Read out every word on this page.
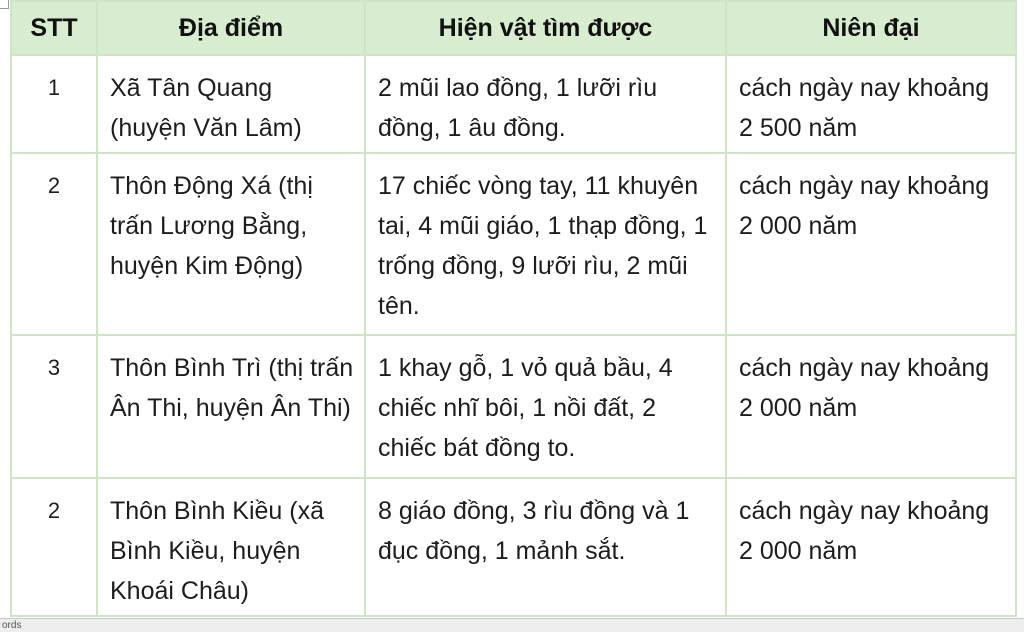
STT	Địa điểm	Hiện vật tìm được	Niên đại
1	Xã Tân Quang (huyện Văn Lâm)	2 mũi lao đồng, 1 lưỡi rìu đồng, 1 âu đồng.	cách ngày nay khoảng 2 500 năm
2	Thôn Động Xá (thị trấn Lương Bằng, huyện Kim Động)	17 chiếc vòng tay, 11 khuyên tai, 4 mũi giáo, 1 thạp đồng, 1 trống đồng, 9 lưỡi rìu, 2 mũi tên.	cách ngày nay khoảng 2 000 năm
3	Thôn Bình Trì (thị trấn Ân Thi, huyện Ân Thi)	1 khay gỗ, 1 vỏ quả bầu, 4 chiếc nhĩ bôi, 1 nồi đất, 2 chiếc bát đồng to.	cách ngày nay khoảng 2 000 năm
2	Thôn Bình Kiều (xã Bình Kiều, huyện Khoái Châu)	8 giáo đồng, 3 rìu đồng và 1 đục đồng, 1 mảnh sắt.	cách ngày nay khoảng 2 000 năm
ords
